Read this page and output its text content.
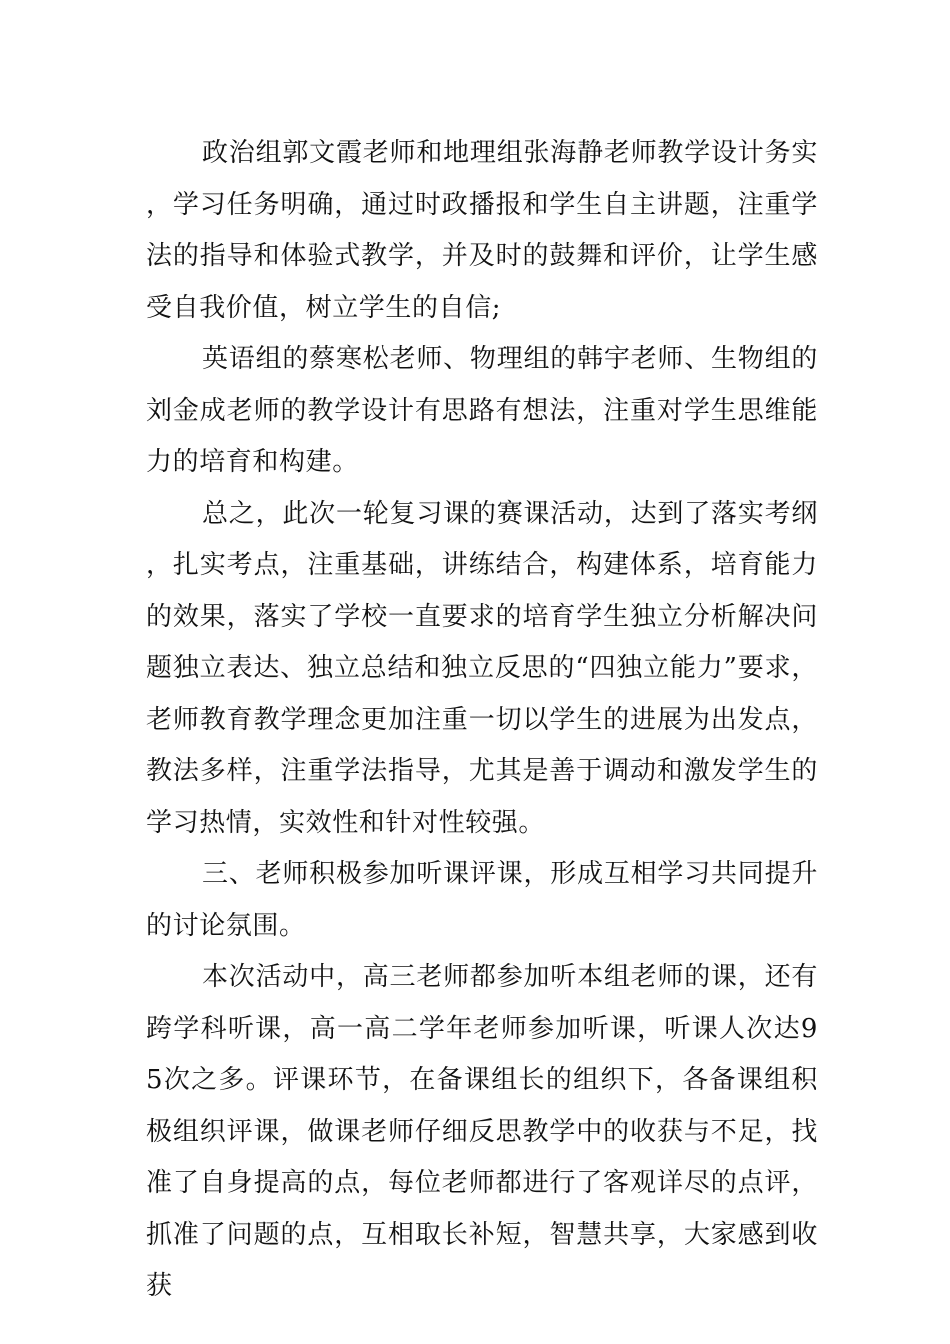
政治组郭文霞老师和地理组张海静老师教学设计务实，学习任务明确，通过时政播报和学生自主讲题，注重学法的指导和体验式教学，并及时的鼓舞和评价，让学生感受自我价值，树立学生的自信;

英语组的蔡寒松老师、物理组的韩宇老师、生物组的刘金成老师的教学设计有思路有想法，注重对学生思维能力的培育和构建。

总之，此次一轮复习课的赛课活动，达到了落实考纲，扎实考点，注重基础，讲练结合，构建体系，培育能力的效果，落实了学校一直要求的培育学生独立分析解决问题独立表达、独立总结和独立反思的“四独立能力”要求，老师教育教学理念更加注重一切以学生的进展为出发点，教法多样，注重学法指导，尤其是善于调动和激发学生的学习热情，实效性和针对性较强。

三、老师积极参加听课评课，形成互相学习共同提升的讨论氛围。

本次活动中，高三老师都参加听本组老师的课，还有跨学科听课，高一高二学年老师参加听课，听课人次达95次之多。评课环节，在备课组长的组织下，各备课组积极组织评课，做课老师仔细反思教学中的收获与不足，找准了自身提高的点，每位老师都进行了客观详尽的点评，抓准了问题的点，互相取长补短，智慧共享，大家感到收获
